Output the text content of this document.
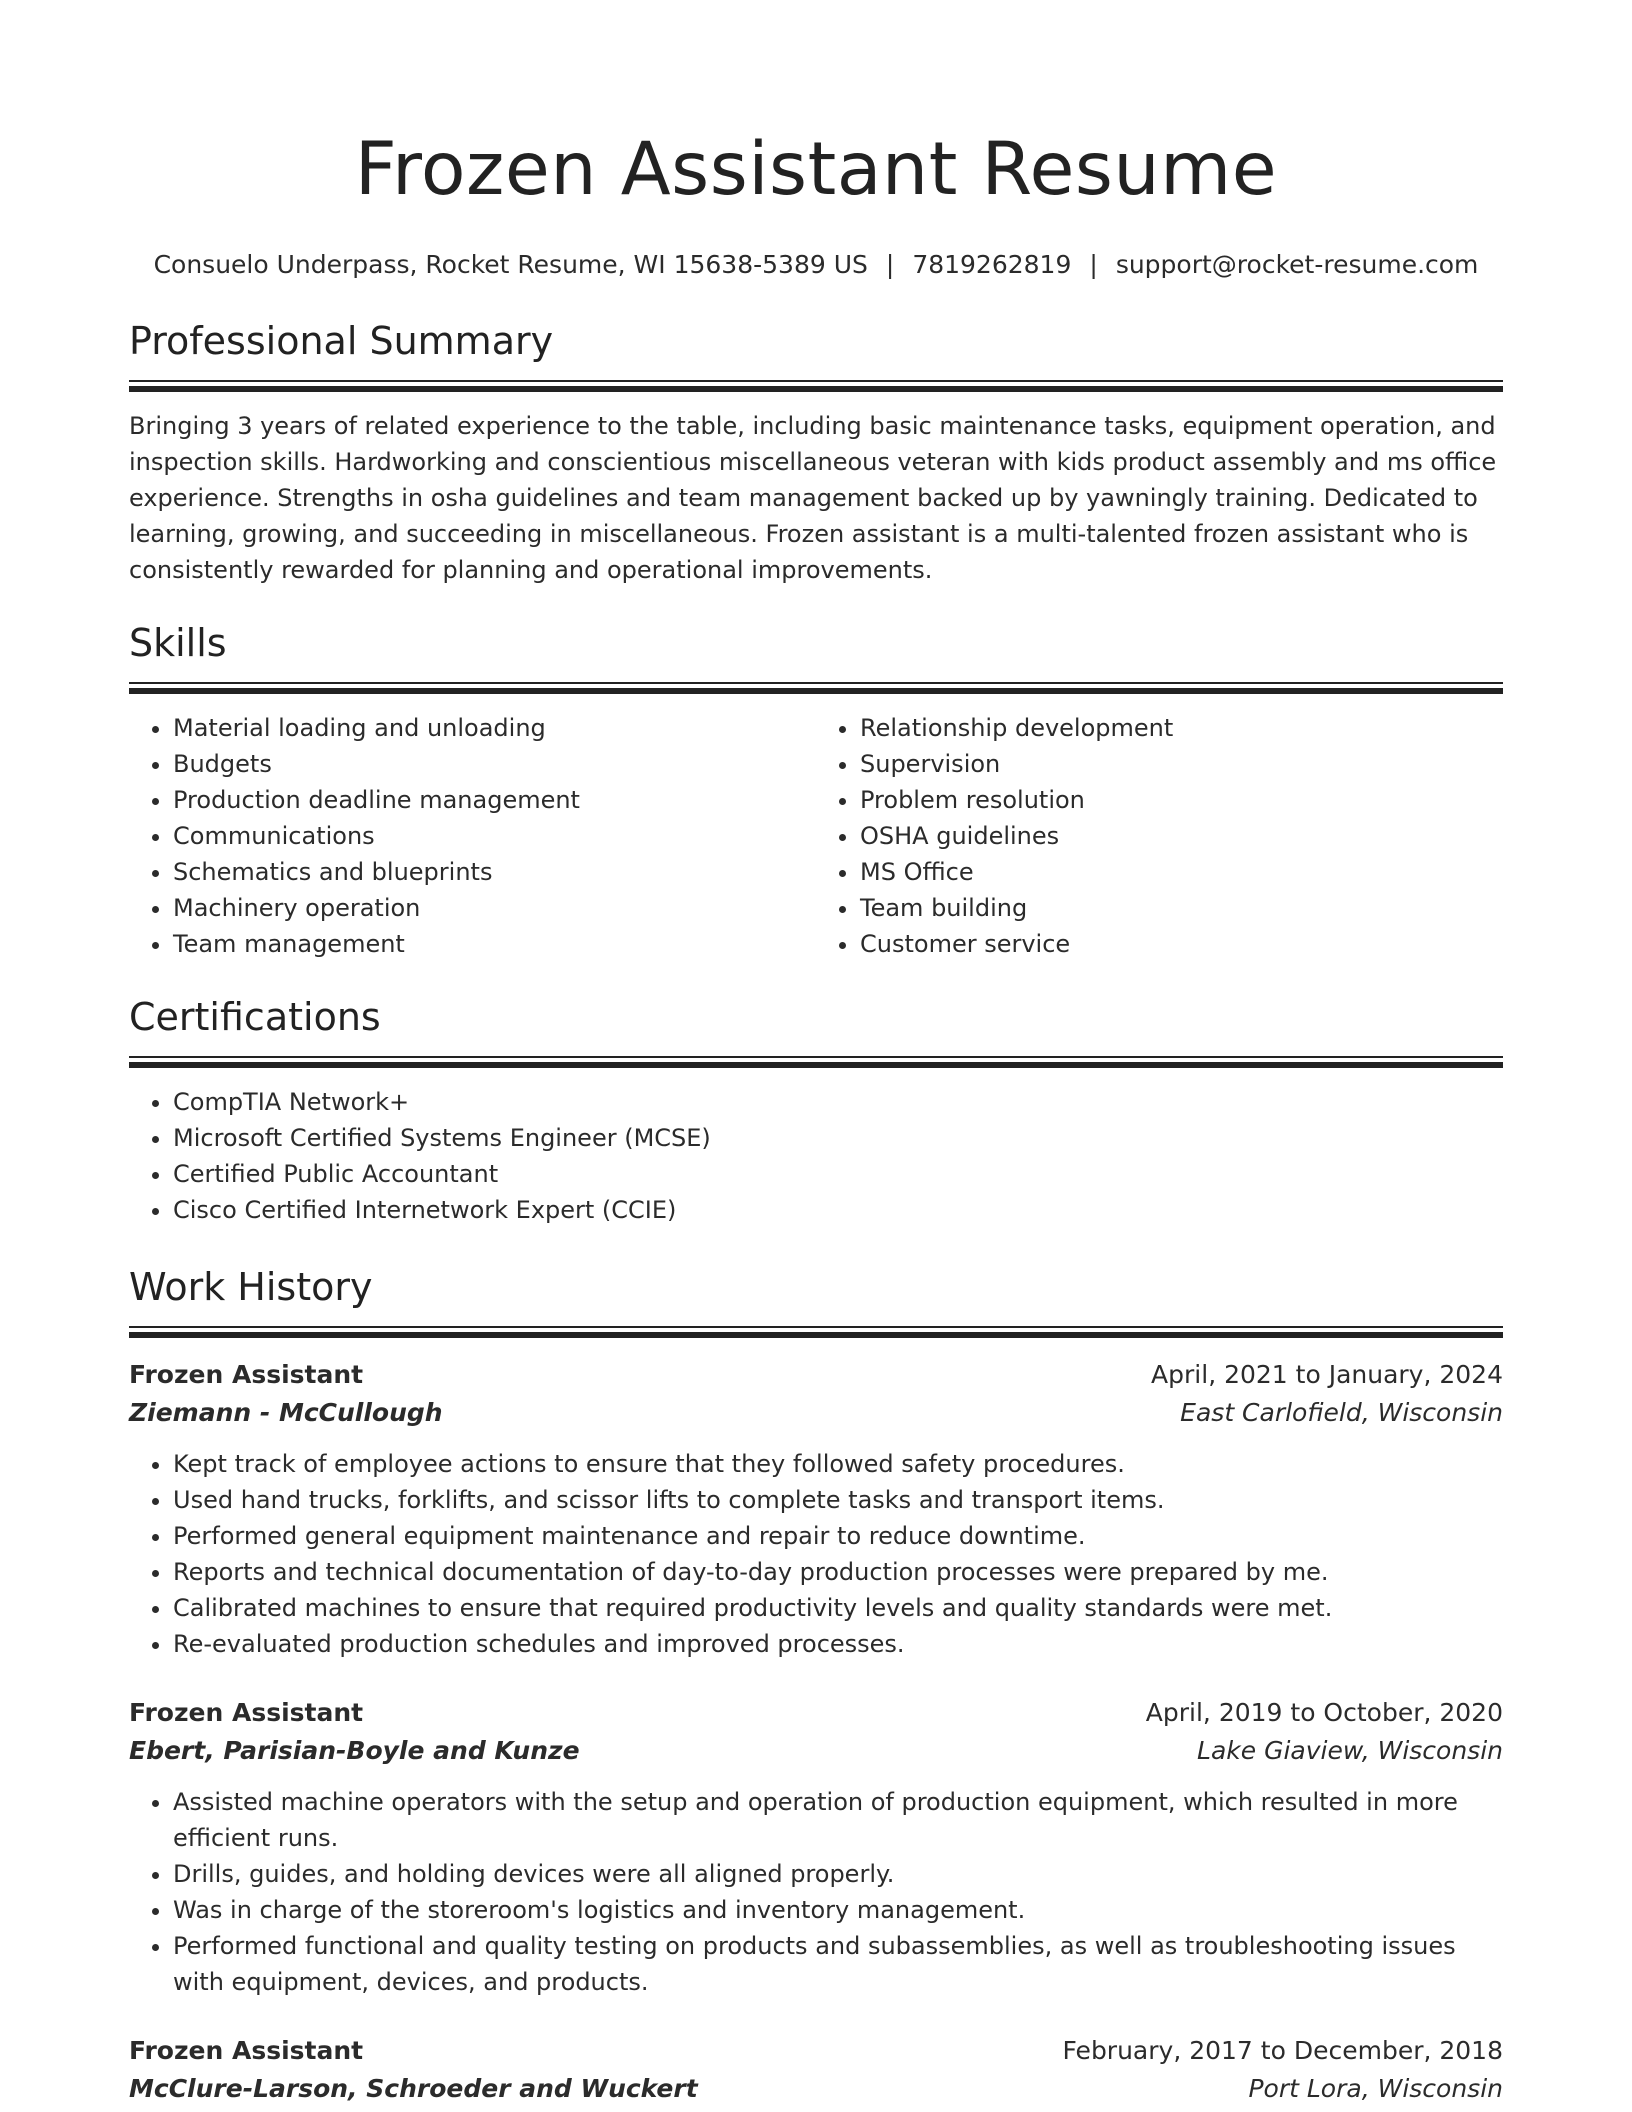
Frozen Assistant Resume
Consuelo Underpass, Rocket Resume, WI 15638-5389 US | 7819262819 | support@rocket-resume.com
Professional Summary

Bringing 3 years of related experience to the table, including basic maintenance tasks, equipment operation, and inspection skills. Hardworking and conscientious miscellaneous veteran with kids product assembly and ms office experience. Strengths in osha guidelines and team management backed up by yawningly training. Dedicated to learning, growing, and succeeding in miscellaneous. Frozen assistant is a multi-talented frozen assistant who is consistently rewarded for planning and operational improvements.

Skills
• Material loading and unloading
• Budgets
• Production deadline management
• Communications
• Schematics and blueprints
• Machinery operation
• Team management
• Relationship development
• Supervision
• Problem resolution
• OSHA guidelines
• MS Office
• Team building
• Customer service
Certifications
• CompTIA Network+
• Microsoft Certified Systems Engineer (MCSE)
• Certified Public Accountant
• Cisco Certified Internetwork Expert (CCIE)
Work History
Frozen Assistant	April, 2021 to January, 2024
Ziemann - McCullough	East Carlofield, Wisconsin
• Kept track of employee actions to ensure that they followed safety procedures.
• Used hand trucks, forklifts, and scissor lifts to complete tasks and transport items.
• Performed general equipment maintenance and repair to reduce downtime.
• Reports and technical documentation of day-to-day production processes were prepared by me.
• Calibrated machines to ensure that required productivity levels and quality standards were met.
• Re-evaluated production schedules and improved processes.
Frozen Assistant	April, 2019 to October, 2020
Ebert, Parisian-Boyle and Kunze	Lake Giaview, Wisconsin
• Assisted machine operators with the setup and operation of production equipment, which resulted in more efficient runs.
• Drills, guides, and holding devices were all aligned properly.
• Was in charge of the storeroom's logistics and inventory management.
• Performed functional and quality testing on products and subassemblies, as well as troubleshooting issues with equipment, devices, and products.
Frozen Assistant	February, 2017 to December, 2018
McClure-Larson, Schroeder and Wuckert	Port Lora, Wisconsin
